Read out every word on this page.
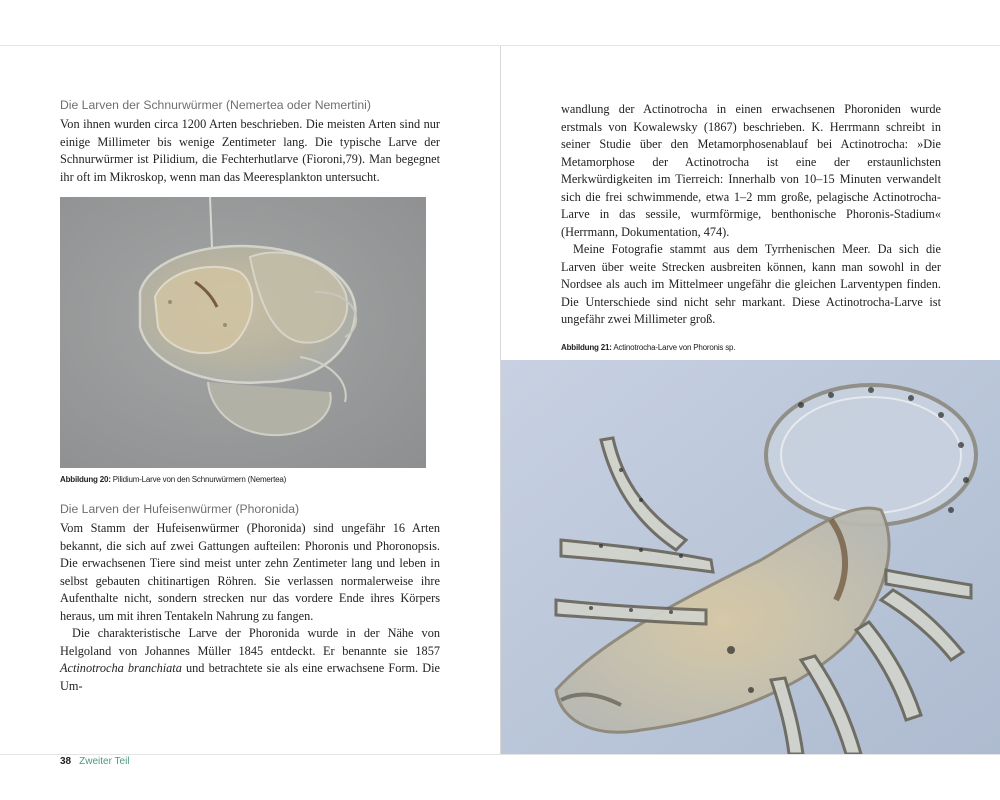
Die Larven der Schnurwürmer (Nemertea oder Nemertini)

Von ihnen wurden circa 1200 Arten beschrieben. Die meisten Arten sind nur einige Millimeter bis wenige Zentimeter lang. Die typische Larve der Schnurwürmer ist Pilidium, die Fechterhutlarve (Fioroni,79). Man begegnet ihr oft im Mikroskop, wenn man das Meeresplankton untersucht.

Abbildung 20: Pilidium-Larve von den Schnurwürmern (Nemertea)
Die Larven der Hufeisenwürmer (Phoronida)

Vom Stamm der Hufeisenwürmer (Phoronida) sind ungefähr 16 Arten bekannt, die sich auf zwei Gattungen aufteilen: Phoronis und Phoronopsis. Die erwachsenen Tiere sind meist unter zehn Zentimeter lang und leben in selbst gebauten chitinartigen Röhren. Sie verlassen normalerweise ihre Aufenthalte nicht, sondern strecken nur das vordere Ende ihres Körpers heraus, um mit ihren Tentakeln Nahrung zu fangen.

Die charakteristische Larve der Phoronida wurde in der Nähe von Helgoland von Johannes Müller 1845 entdeckt. Er benannte sie 1857 Actinotrocha branchiata und betrachtete sie als eine erwachsene Form. Die Um-

38 Zweiter Teil

wandlung der Actinotrocha in einen erwachsenen Phoroniden wurde erstmals von Kowalewsky (1867) beschrieben. K. Herrmann schreibt in seiner Studie über den Metamorphosenablauf bei Actinotrocha: »Die Metamorphose der Actinotrocha ist eine der erstaunlichsten Merkwürdigkeiten im Tierreich: Innerhalb von 10–15 Minuten verwandelt sich die frei schwimmende, etwa 1–2 mm große, pelagische Actinotrocha-Larve in das sessile, wurmförmige, benthonische Phoronis-Stadium« (Herrmann, Dokumentation, 474).

Meine Fotografie stammt aus dem Tyrrhenischen Meer. Da sich die Larven über weite Strecken ausbreiten können, kann man sowohl in der Nordsee als auch im Mittelmeer ungefähr die gleichen Larventypen finden. Die Unterschiede sind nicht sehr markant. Diese Actinotrocha-Larve ist ungefähr zwei Millimeter groß.

Abbildung 21: Actinotrocha-Larve von Phoronis sp.
